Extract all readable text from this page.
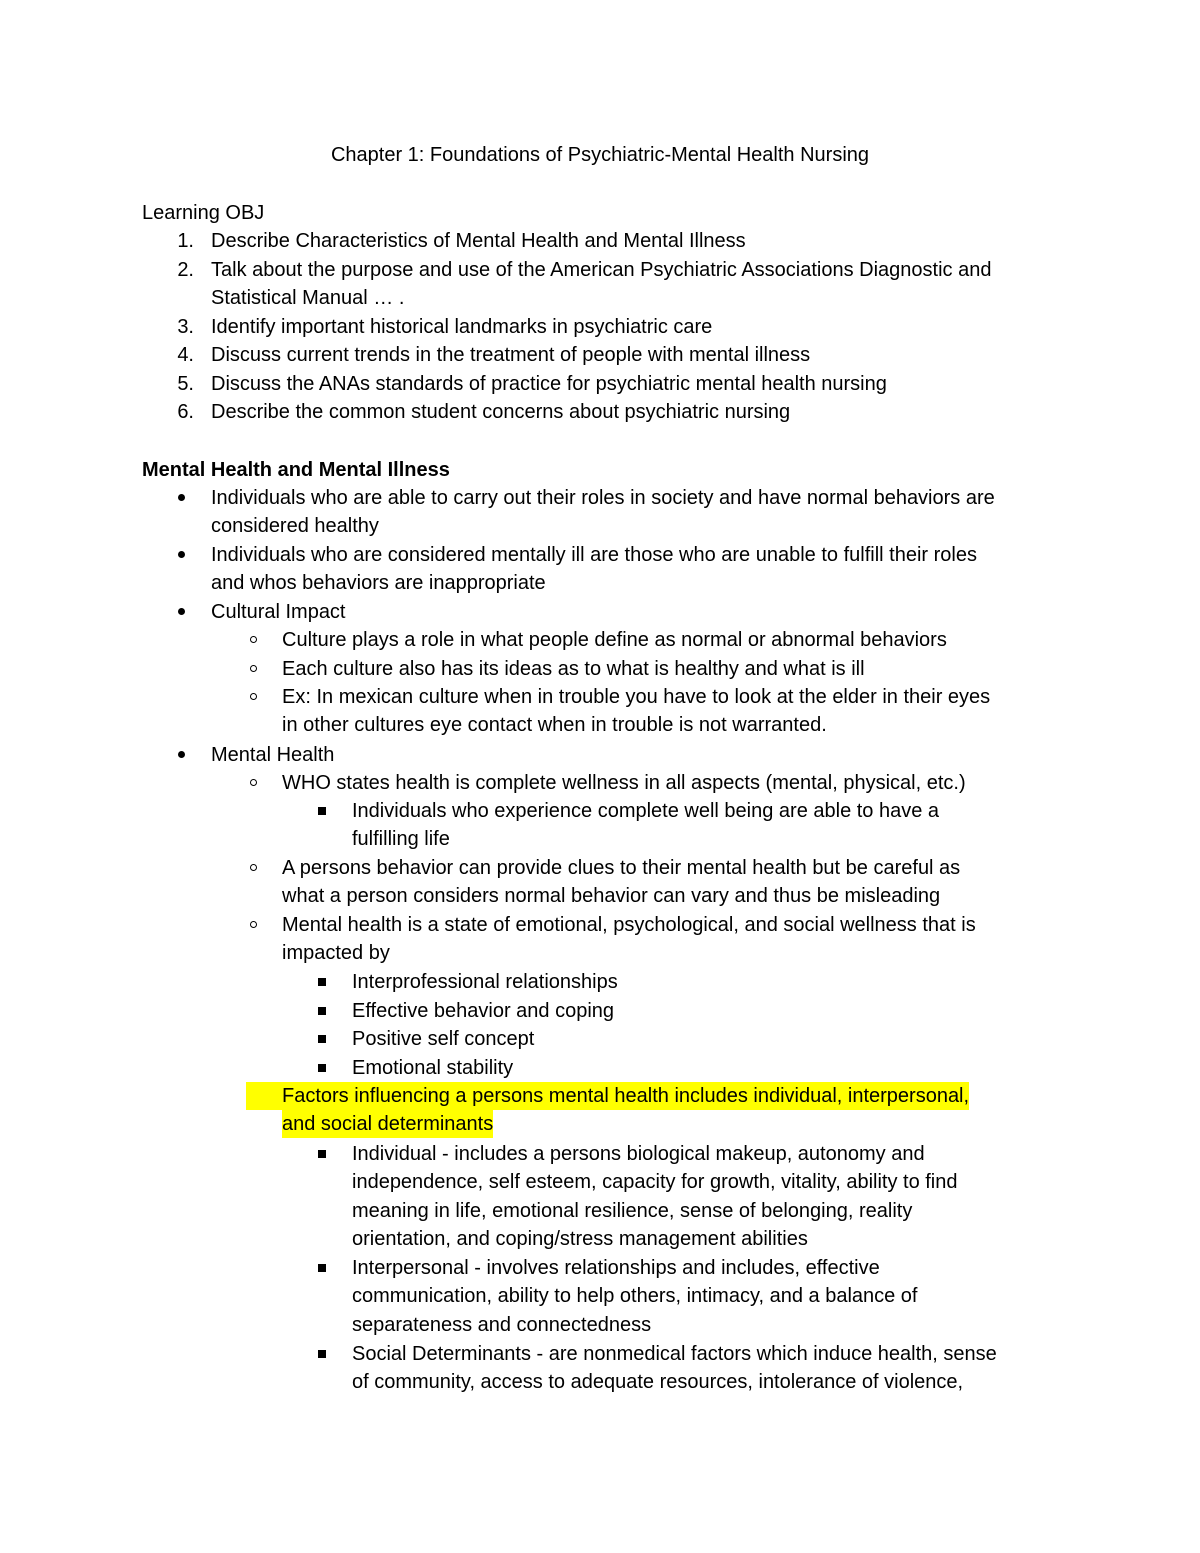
Chapter 1: Foundations of Psychiatric-Mental Health Nursing
Learning OBJ
1. Describe Characteristics of Mental Health and Mental Illness
2. Talk about the purpose and use of the American Psychiatric Associations Diagnostic and
Statistical Manual … .
3. Identify important historical landmarks in psychiatric care
4. Discuss current trends in the treatment of people with mental illness
5. Discuss the ANAs standards of practice for psychiatric mental health nursing
6. Describe the common student concerns about psychiatric nursing
Mental Health and Mental Illness
Individuals who are able to carry out their roles in society and have normal behaviors are
considered healthy
Individuals who are considered mentally ill are those who are unable to fulfill their roles
and whos behaviors are inappropriate
Cultural Impact
Culture plays a role in what people define as normal or abnormal behaviors
Each culture also has its ideas as to what is healthy and what is ill
Ex: In mexican culture when in trouble you have to look at the elder in their eyes
in other cultures eye contact when in trouble is not warranted.
Mental Health
WHO states health is complete wellness in all aspects (mental, physical, etc.)
Individuals who experience complete well being are able to have a
fulfilling life
A persons behavior can provide clues to their mental health but be careful as
what a person considers normal behavior can vary and thus be misleading
Mental health is a state of emotional, psychological, and social wellness that is
impacted by
Interprofessional relationships
Effective behavior and coping
Positive self concept
Emotional stability
Factors influencing a persons mental health includes individual, interpersonal,
and social determinants
Individual - includes a persons biological makeup, autonomy and
independence, self esteem, capacity for growth, vitality, ability to find
meaning in life, emotional resilience, sense of belonging, reality
orientation, and coping/stress management abilities
Interpersonal - involves relationships and includes, effective
communication, ability to help others, intimacy, and a balance of
separateness and connectedness
Social Determinants - are nonmedical factors which induce health, sense
of community, access to adequate resources, intolerance of violence,
